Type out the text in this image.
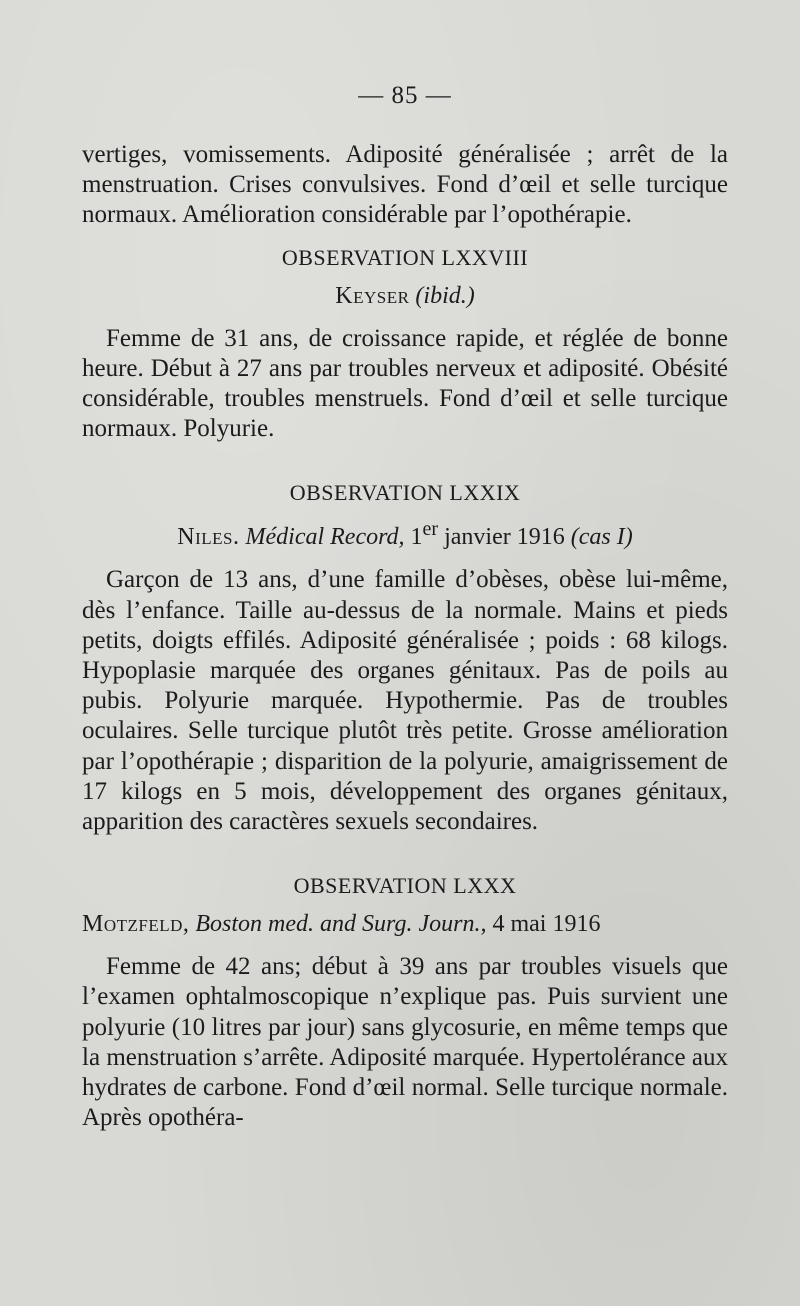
— 85 —

vertiges, vomissements. Adiposité généralisée ; arrêt de la menstruation. Crises convulsives. Fond d’œil et selle turcique normaux. Amélioration considérable par l’opothérapie.

OBSERVATION LXXVIII
Keyser (ibid.)

Femme de 31 ans, de croissance rapide, et réglée de bonne heure. Début à 27 ans par troubles nerveux et adiposité. Obésité considérable, troubles menstruels. Fond d’œil et selle turcique normaux. Polyurie.

OBSERVATION LXXIX
Niles. Médical Record, 1er janvier 1916 (cas I)

Garçon de 13 ans, d’une famille d’obèses, obèse lui-même, dès l’enfance. Taille au-dessus de la normale. Mains et pieds petits, doigts effilés. Adiposité généralisée ; poids : 68 kilogs. Hypoplasie marquée des organes génitaux. Pas de poils au pubis. Polyurie marquée. Hypothermie. Pas de troubles oculaires. Selle turcique plutôt très petite. Grosse amélioration par l’opothérapie ; disparition de la polyurie, amaigrissement de 17 kilogs en 5 mois, développement des organes génitaux, apparition des caractères sexuels secondaires.

OBSERVATION LXXX
Motzfeld, Boston med. and Surg. Journ., 4 mai 1916

Femme de 42 ans; début à 39 ans par troubles visuels que l’examen ophtalmoscopique n’explique pas. Puis survient une polyurie (10 litres par jour) sans glycosurie, en même temps que la menstruation s’arrête. Adiposité marquée. Hypertolérance aux hydrates de carbone. Fond d’œil normal. Selle turcique normale. Après opothéra-
